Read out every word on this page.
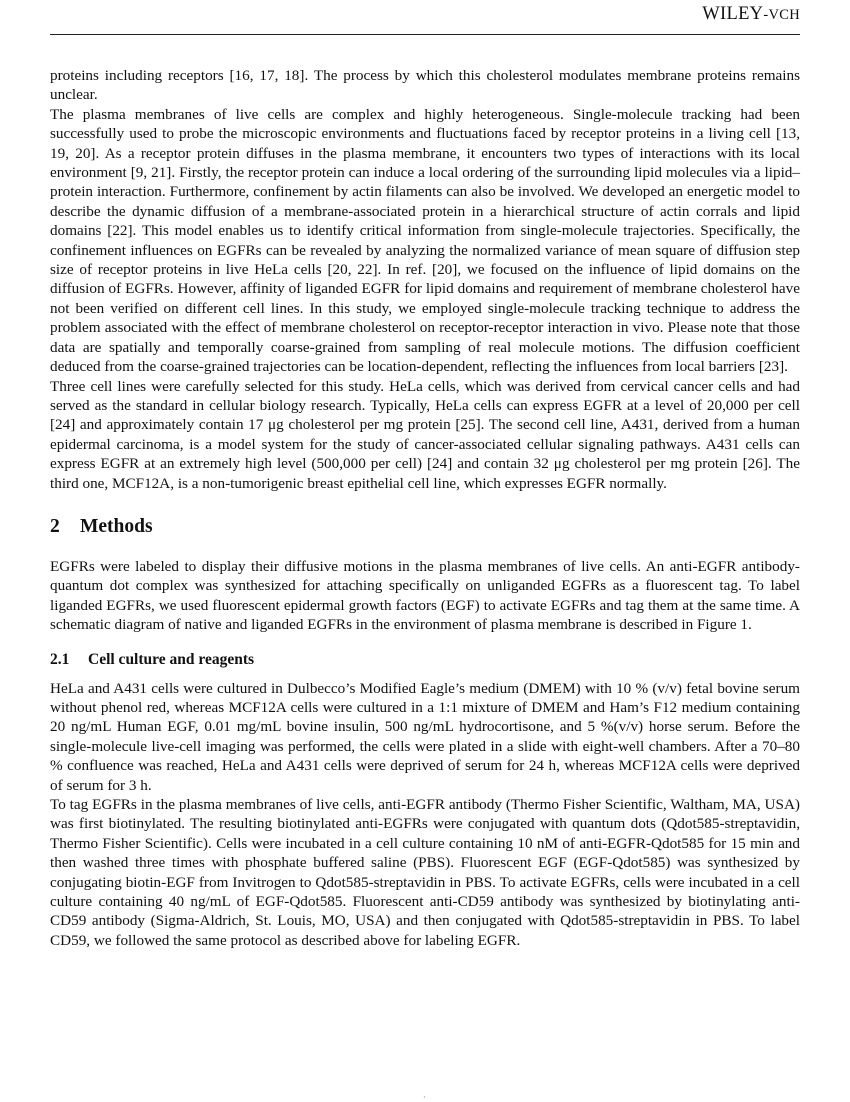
WILEY-VCH

proteins including receptors [16, 17, 18]. The process by which this cholesterol modulates membrane proteins remains unclear.

The plasma membranes of live cells are complex and highly heterogeneous. Single-molecule tracking had been successfully used to probe the microscopic environments and fluctuations faced by receptor proteins in a living cell [13, 19, 20]. As a receptor protein diffuses in the plasma membrane, it encounters two types of interactions with its local environment [9, 21]. Firstly, the receptor protein can induce a local ordering of the surrounding lipid molecules via a lipid–protein interaction. Furthermore, confinement by actin filaments can also be involved. We developed an energetic model to describe the dynamic diffusion of a membrane-associated protein in a hierarchical structure of actin corrals and lipid domains [22]. This model enables us to identify critical information from single-molecule trajectories. Specifically, the confinement influences on EGFRs can be revealed by analyzing the normalized variance of mean square of diffusion step size of receptor proteins in live HeLa cells [20, 22]. In ref. [20], we focused on the influence of lipid domains on the diffusion of EGFRs. However, affinity of liganded EGFR for lipid domains and requirement of membrane cholesterol have not been verified on different cell lines. In this study, we employed single-molecule tracking technique to address the problem associated with the effect of membrane cholesterol on receptor-receptor interaction in vivo. Please note that those data are spatially and temporally coarse-grained from sampling of real molecule motions. The diffusion coefficient deduced from the coarse-grained trajectories can be location-dependent, reflecting the influences from local barriers [23].

Three cell lines were carefully selected for this study. HeLa cells, which was derived from cervical cancer cells and had served as the standard in cellular biology research. Typically, HeLa cells can express EGFR at a level of 20,000 per cell [24] and approximately contain 17 μg cholesterol per mg protein [25]. The second cell line, A431, derived from a human epidermal carcinoma, is a model system for the study of cancer-associated cellular signaling pathways. A431 cells can express EGFR at an extremely high level (500,000 per cell) [24] and contain 32 μg cholesterol per mg protein [26]. The third one, MCF12A, is a non-tumorigenic breast epithelial cell line, which expresses EGFR normally.

2 Methods

EGFRs were labeled to display their diffusive motions in the plasma membranes of live cells. An anti-EGFR antibody-quantum dot complex was synthesized for attaching specifically on unliganded EGFRs as a fluorescent tag. To label liganded EGFRs, we used fluorescent epidermal growth factors (EGF) to activate EGFRs and tag them at the same time. A schematic diagram of native and liganded EGFRs in the environment of plasma membrane is described in Figure 1.

2.1 Cell culture and reagents

HeLa and A431 cells were cultured in Dulbecco’s Modified Eagle’s medium (DMEM) with 10 % (v/v) fetal bovine serum without phenol red, whereas MCF12A cells were cultured in a 1:1 mixture of DMEM and Ham’s F12 medium containing 20 ng/mL Human EGF, 0.01 mg/mL bovine insulin, 500 ng/mL hydrocortisone, and 5 %(v/v) horse serum. Before the single-molecule live-cell imaging was performed, the cells were plated in a slide with eight-well chambers. After a 70–80 % confluence was reached, HeLa and A431 cells were deprived of serum for 24 h, whereas MCF12A cells were deprived of serum for 3 h.

To tag EGFRs in the plasma membranes of live cells, anti-EGFR antibody (Thermo Fisher Scientific, Waltham, MA, USA) was first biotinylated. The resulting biotinylated anti-EGFRs were conjugated with quantum dots (Qdot585-streptavidin, Thermo Fisher Scientific). Cells were incubated in a cell culture containing 10 nM of anti-EGFR-Qdot585 for 15 min and then washed three times with phosphate buffered saline (PBS). Fluorescent EGF (EGF-Qdot585) was synthesized by conjugating biotin-EGF from Invitrogen to Qdot585-streptavidin in PBS. To activate EGFRs, cells were incubated in a cell culture containing 40 ng/mL of EGF-Qdot585. Fluorescent anti-CD59 antibody was synthesized by biotinylating anti-CD59 antibody (Sigma-Aldrich, St. Louis, MO, USA) and then conjugated with Qdot585-streptavidin in PBS. To label CD59, we followed the same protocol as described above for labeling EGFR.

·
